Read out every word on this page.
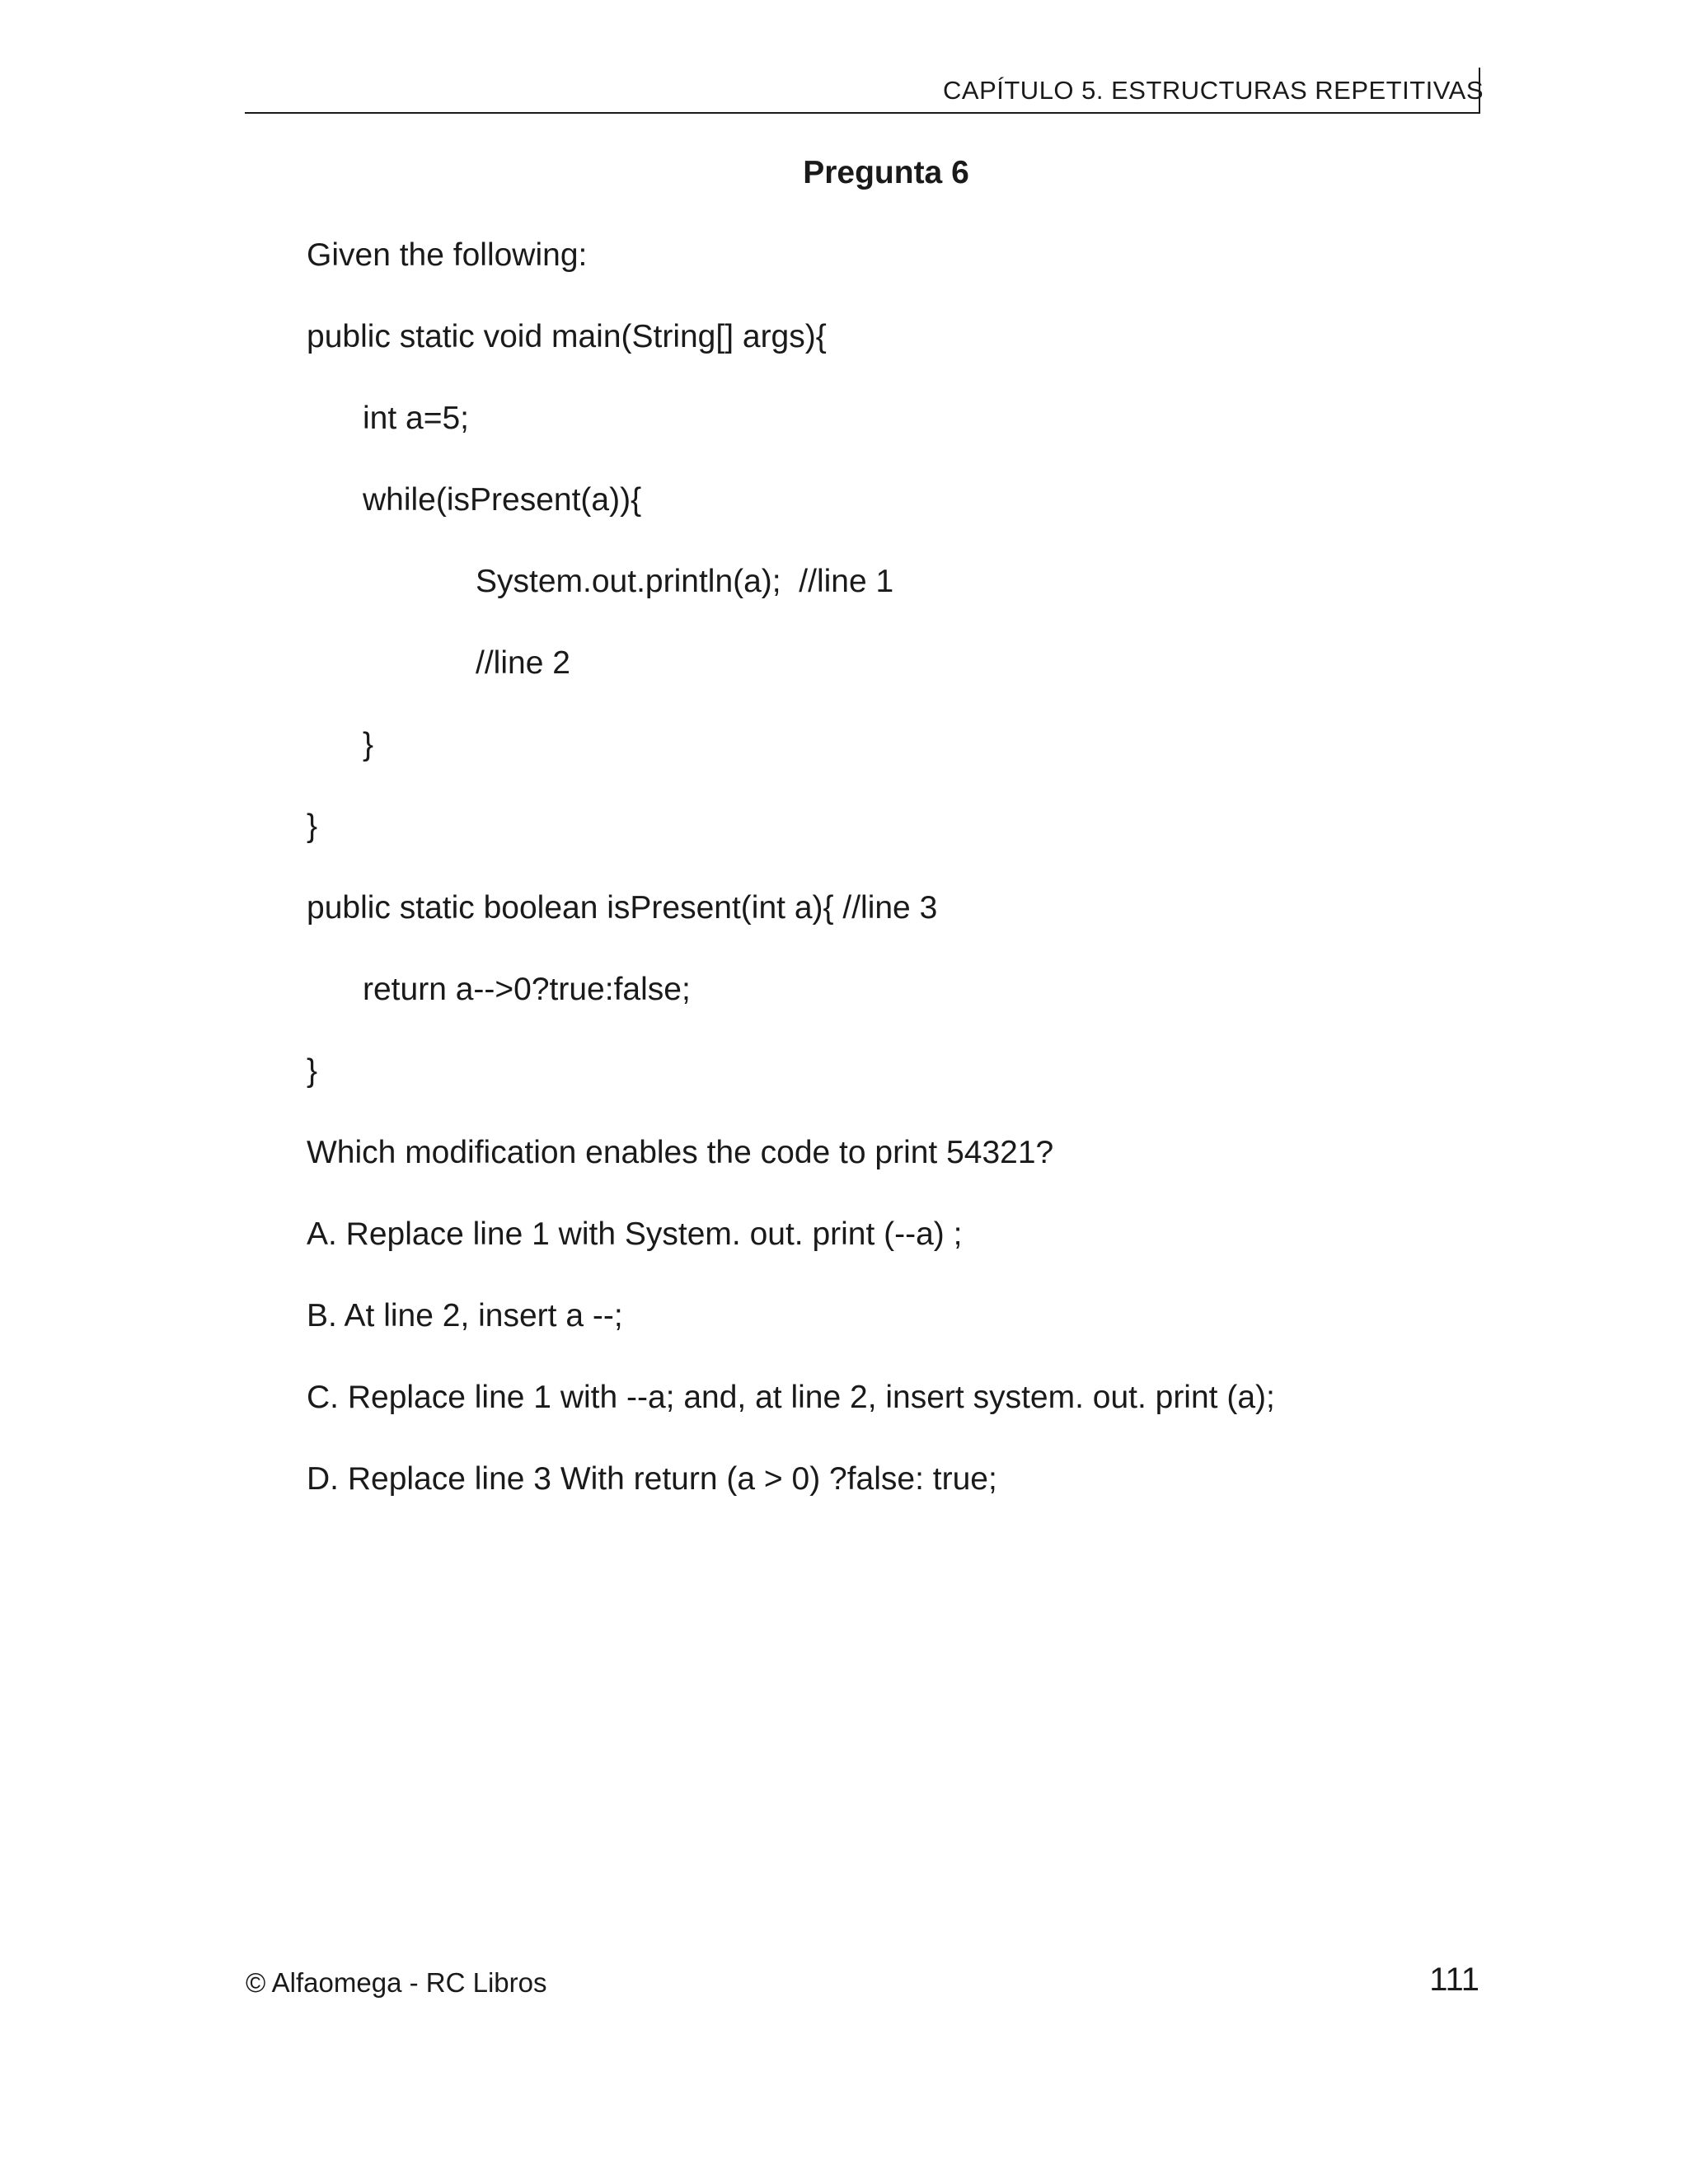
CAPÍTULO 5. ESTRUCTURAS REPETITIVAS
Pregunta 6
Given the following:
public static void main(String[] args){
int a=5;
while(isPresent(a)){
System.out.println(a);  //line 1
//line 2
}
}
public static boolean isPresent(int a){ //line 3
return a-->0?true:false;
}
Which modification enables the code to print 54321?
A. Replace line 1 with System. out. print (--a) ;
B. At line 2, insert a --;
C. Replace line 1 with --a; and, at line 2, insert system. out. print (a);
D. Replace line 3 With return (a > 0) ?false: true;
© Alfaomega - RC Libros	111
